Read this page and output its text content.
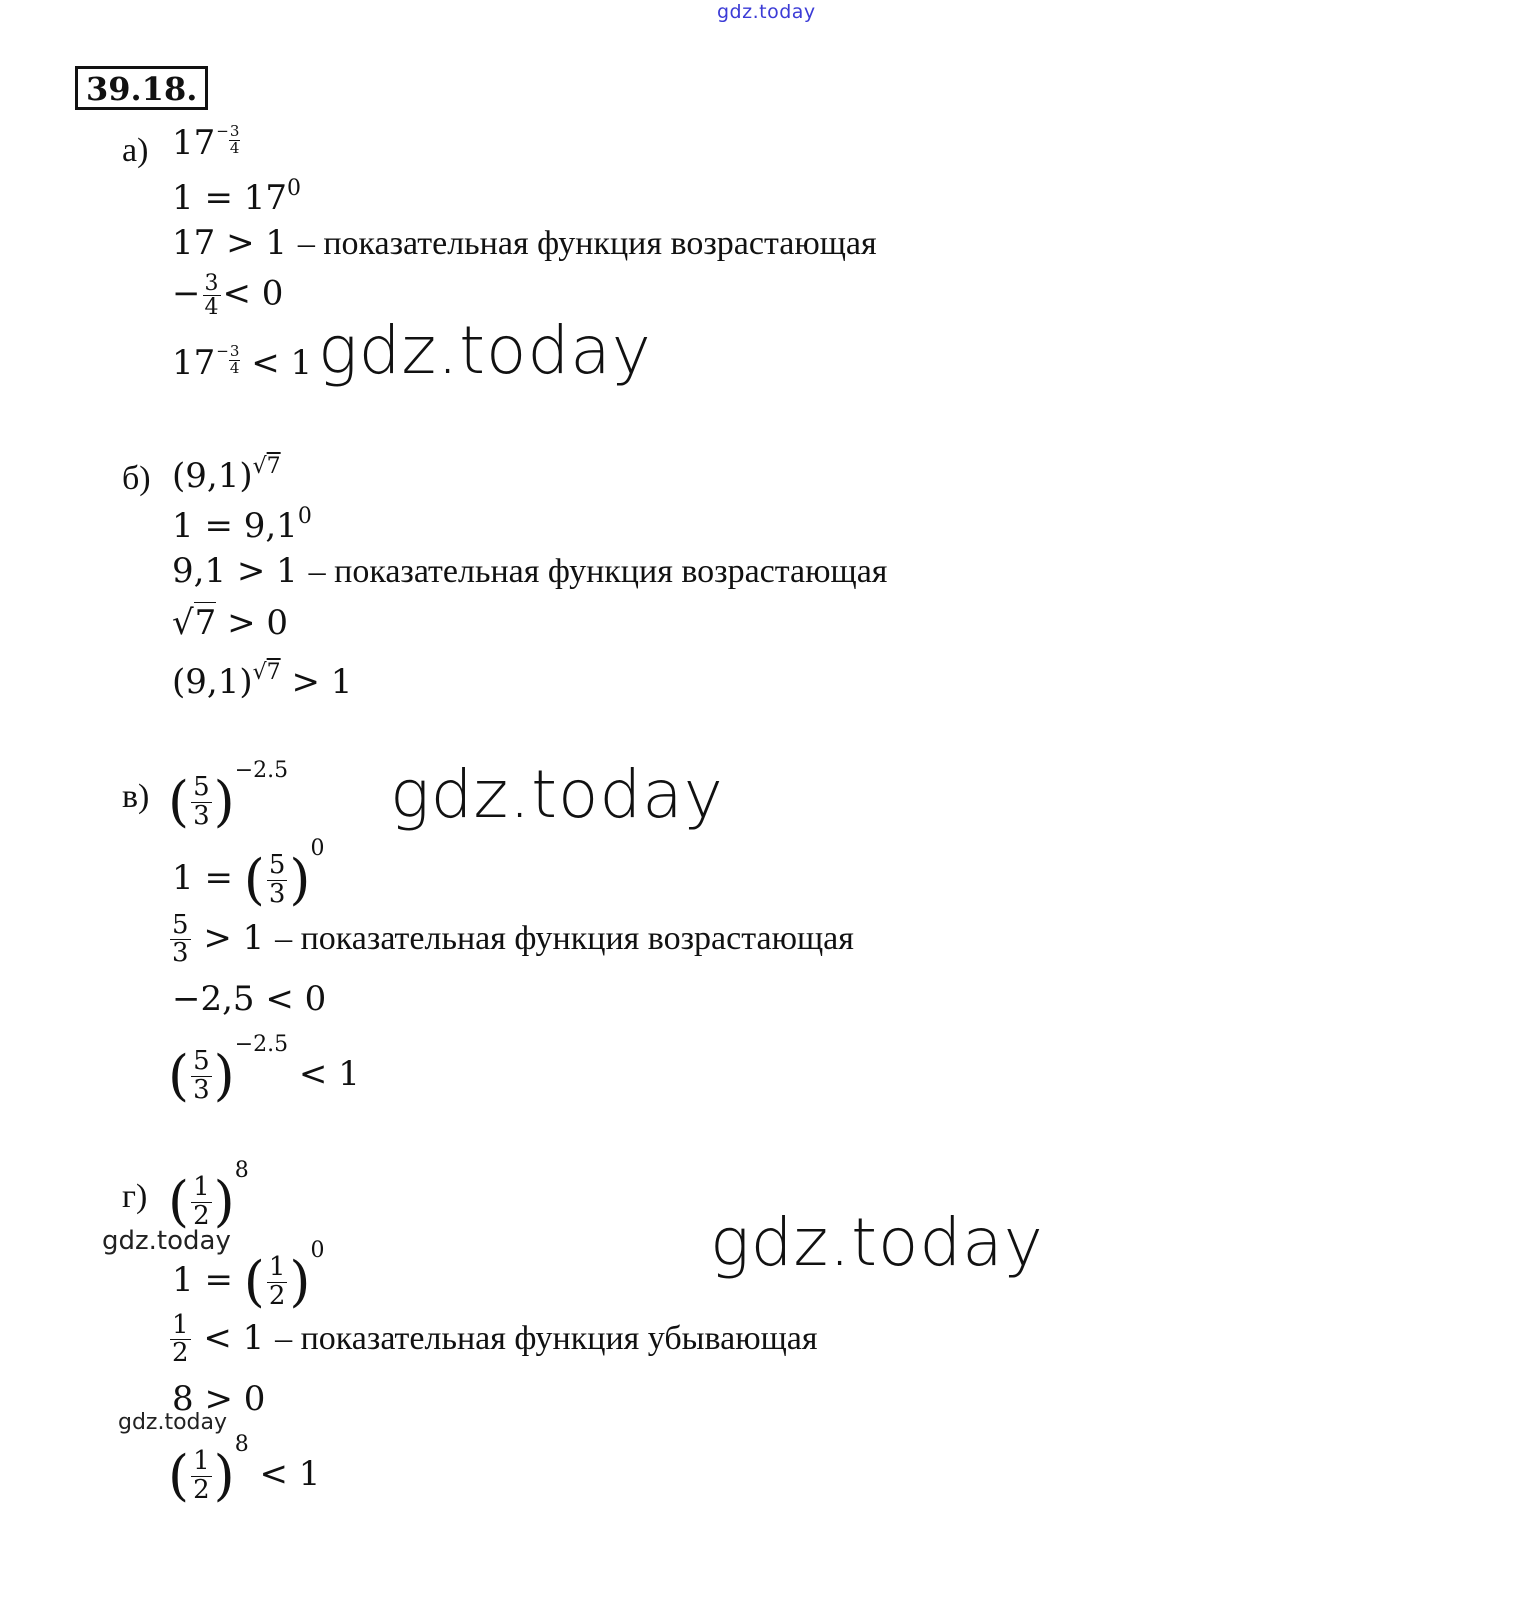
gdz.today
39.18.
а) $17 - \frac{3}{4}$
$1 = 17^0$
17 > 1 – показательная функция возрастающая
− $\frac{3}{4} < 0$
$17 - \frac{3}{4} < 1$ gdz.today
б) $(9,1)^{√7}$
$1 = 9,1^0$
9,1 > 1 – показательная функция возрастающая
√7 > 0
$(9,1)^{√7} > 1$
в) ( $\frac{5}{3} )^{-2.5}$ gdz.today
1 = ( $\frac{5}{3} )^0$
$\frac{5}{3} > 1$ – показательная функция возрастающая
−2,5 < 0
( $\frac{5}{3} )^{-2.5} < 1$
г) ( $\frac{1}{2} )^8$
gdz.today	gdz.today
1 = ( $\frac{1}{2} )^0$
$\frac{1}{2} < 1$ – показательная функция убывающая
8 > 0
gdz.today
( $\frac{1}{2} )^8 < 1$
